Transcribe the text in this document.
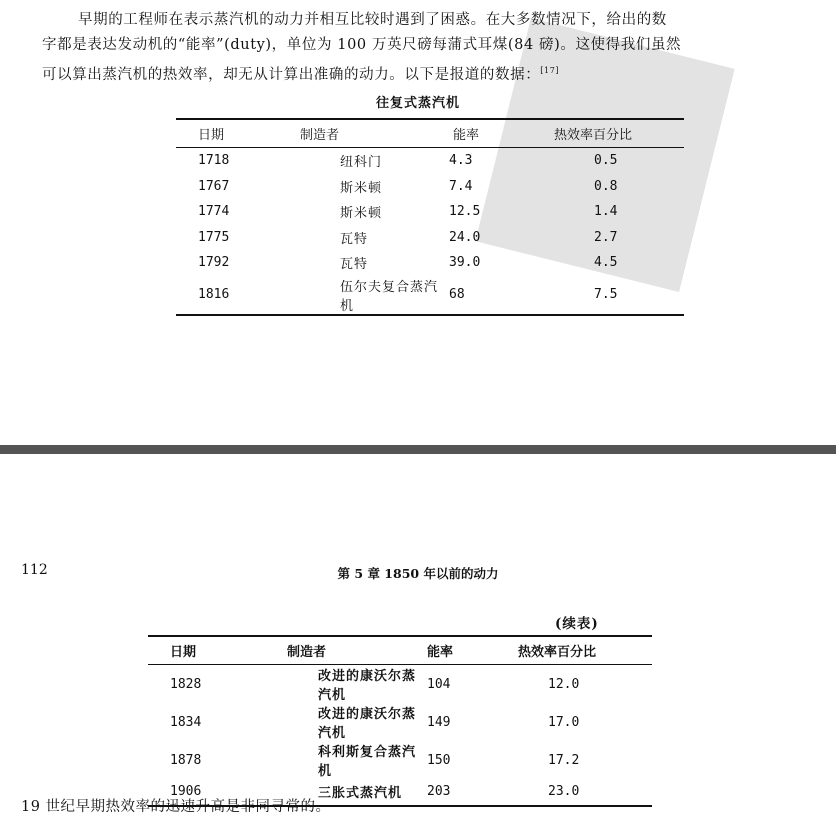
早期的工程师在表示蒸汽机的动力并相互比较时遇到了困惑。在大多数情况下，给出的数

字都是表达发动机的“能率”(duty)，单位为 100 万英尺磅每蒲式耳煤(84 磅)。这使得我们虽然

可以算出蒸汽机的热效率，却无从计算出准确的动力。以下是报道的数据：[17]

往复式蒸汽机
日期	制造者	能率	热效率百分比
1718	纽科门	4.3	0.5
1767	斯米顿	7.4	0.8
1774	斯米顿	12.5	1.4
1775	瓦特	24.0	2.7
1792	瓦特	39.0	4.5
1816	伍尔夫复合蒸汽机	68	7.5
112	第 5 章 1850 年以前的动力
(续表)
日期	制造者	能率	热效率百分比
1828	改进的康沃尔蒸汽机	104	12.0
1834	改进的康沃尔蒸汽机	149	17.0
1878	科利斯复合蒸汽机	150	17.2
1906	三胀式蒸汽机	203	23.0
19 世纪早期热效率的迅速升高是非同寻常的。
